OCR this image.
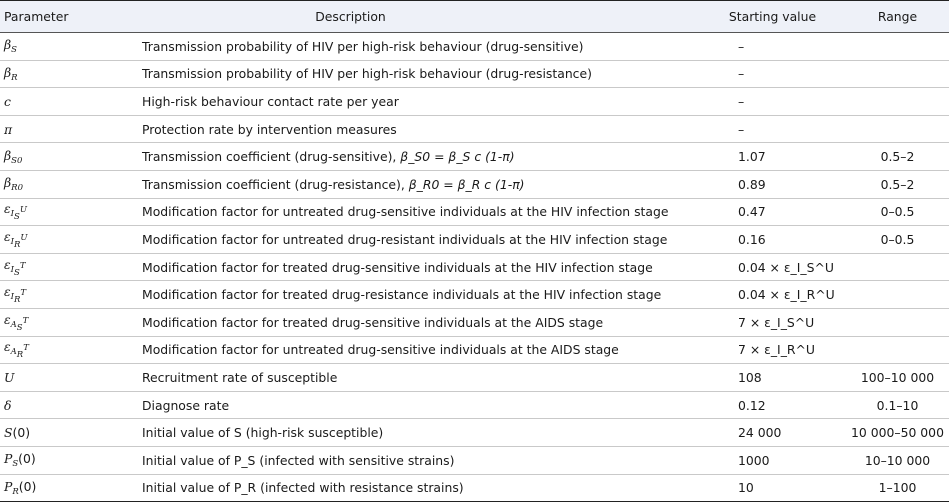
Parameter	Description	Starting value	Range
$\beta_S$	Transmission probability of HIV per high-risk behaviour (drug-sensitive)	–	
$\beta_R$	Transmission probability of HIV per high-risk behaviour (drug-resistance)	–	
c	High-risk behaviour contact rate per year	–	
π	Protection rate by intervention measures	–	
$\beta_{S0}$	Transmission coefficient (drug-sensitive), β_S0 = β_S c (1-π)	1.07	0.5–2
$\beta_{R0}$	Transmission coefficient (drug-resistance), β_R0 = β_R c (1-π)	0.89	0.5–2
$\varepsilon_{I_S^U}$	Modification factor for untreated drug-sensitive individuals at the HIV infection stage	0.47	0–0.5
$\varepsilon_{I_R^U}$	Modification factor for untreated drug-resistant individuals at the HIV infection stage	0.16	0–0.5
$\varepsilon_{I_S^T}$	Modification factor for treated drug-sensitive individuals at the HIV infection stage	0.04 × ε_I_S^U	
$\varepsilon_{I_R^T}$	Modification factor for treated drug-resistance individuals at the HIV infection stage	0.04 × ε_I_R^U	
$\varepsilon_{A_S^T}$	Modification factor for treated drug-sensitive individuals at the AIDS stage	7 × ε_I_S^U	
$\varepsilon_{A_R^T}$	Modification factor for untreated drug-sensitive individuals at the AIDS stage	7 × ε_I_R^U	
U	Recruitment rate of susceptible	108	100–10 000
δ	Diagnose rate	0.12	0.1–10
S(0)	Initial value of S (high-risk susceptible)	24 000	10 000–50 000
$P_S(0)$	Initial value of P_S (infected with sensitive strains)	1000	10–10 000
$P_R(0)$	Initial value of P_R (infected with resistance strains)	10	1–100
